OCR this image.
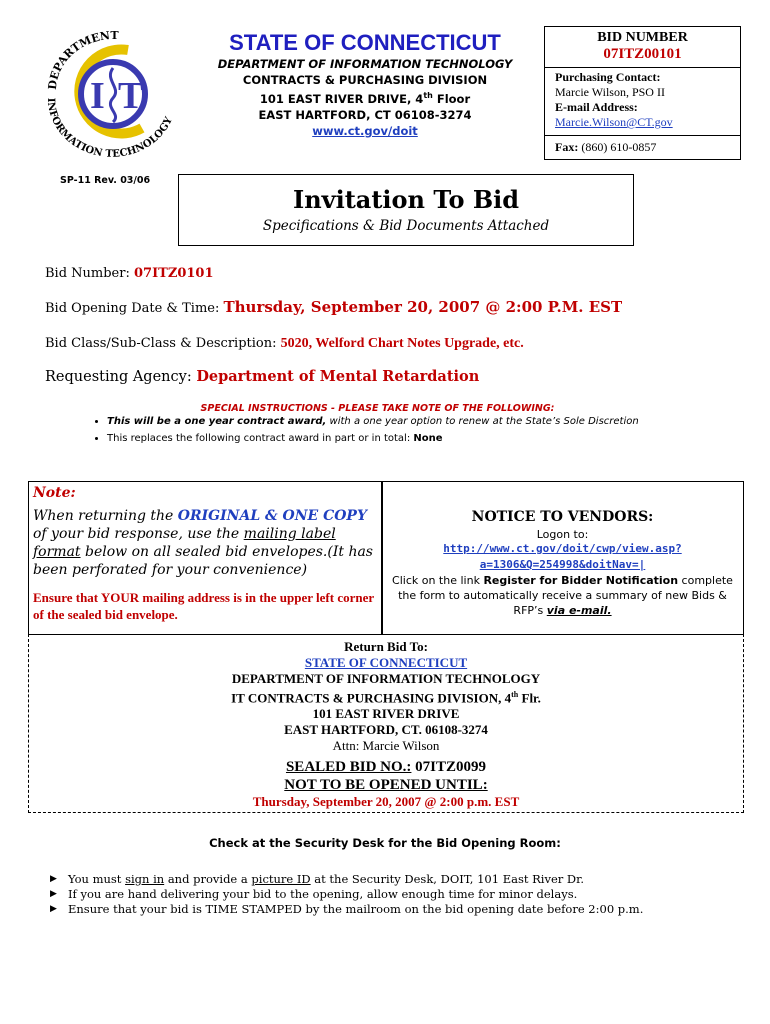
DEPARTMENT
INFORMATION TECHNOLOGY
I T
STATE OF CONNECTICUT
DEPARTMENT OF INFORMATION TECHNOLOGY
CONTRACTS & PURCHASING DIVISION
101 EAST RIVER DRIVE, 4th Floor
EAST HARTFORD, CT 06108-3274
www.ct.gov/doit
BID NUMBER
07ITZ00101
Purchasing Contact:
Marcie Wilson, PSO II
E-mail Address:
Marcie.Wilson@CT.gov
Fax: (860) 610-0857
SP-11 Rev. 03/06
Invitation To Bid
Specifications & Bid Documents Attached
Bid Number: 07ITZ0101
Bid Opening Date & Time: Thursday, September 20, 2007 @ 2:00 P.M. EST
Bid Class/Sub-Class & Description: 5020, Welford Chart Notes Upgrade, etc.
Requesting Agency: Department of Mental Retardation
SPECIAL INSTRUCTIONS - PLEASE TAKE NOTE OF THE FOLLOWING:
• This will be a one year contract award, with a one year option to renew at the State’s Sole Discretion
• This replaces the following contract award in part or in total: None
Note:
When returning the ORIGINAL & ONE COPY of your bid response, use the mailing label format below on all sealed bid envelopes.(It has been perforated for your convenience)
Ensure that YOUR mailing address is in the upper left corner of the sealed bid envelope.
NOTICE TO VENDORS:
Logon to:
http://www.ct.gov/doit/cwp/view.asp?a=1306&Q=254998&doitNav=|
Click on the link Register for Bidder Notification complete the form to automatically receive a summary of new Bids & RFP’s via e-mail.
Return Bid To:
STATE OF CONNECTICUT
DEPARTMENT OF INFORMATION TECHNOLOGY
IT CONTRACTS & PURCHASING DIVISION, 4th Flr.
101 EAST RIVER DRIVE
EAST HARTFORD, CT. 06108-3274
Attn: Marcie Wilson
SEALED BID NO.: 07ITZ0099
NOT TO BE OPENED UNTIL:
Thursday, September 20, 2007 @ 2:00 p.m. EST
Check at the Security Desk for the Bid Opening Room:
▶ You must sign in and provide a picture ID at the Security Desk, DOIT, 101 East River Dr.
▶ If you are hand delivering your bid to the opening, allow enough time for minor delays.
▶ Ensure that your bid is TIME STAMPED by the mailroom on the bid opening date before 2:00 p.m.
